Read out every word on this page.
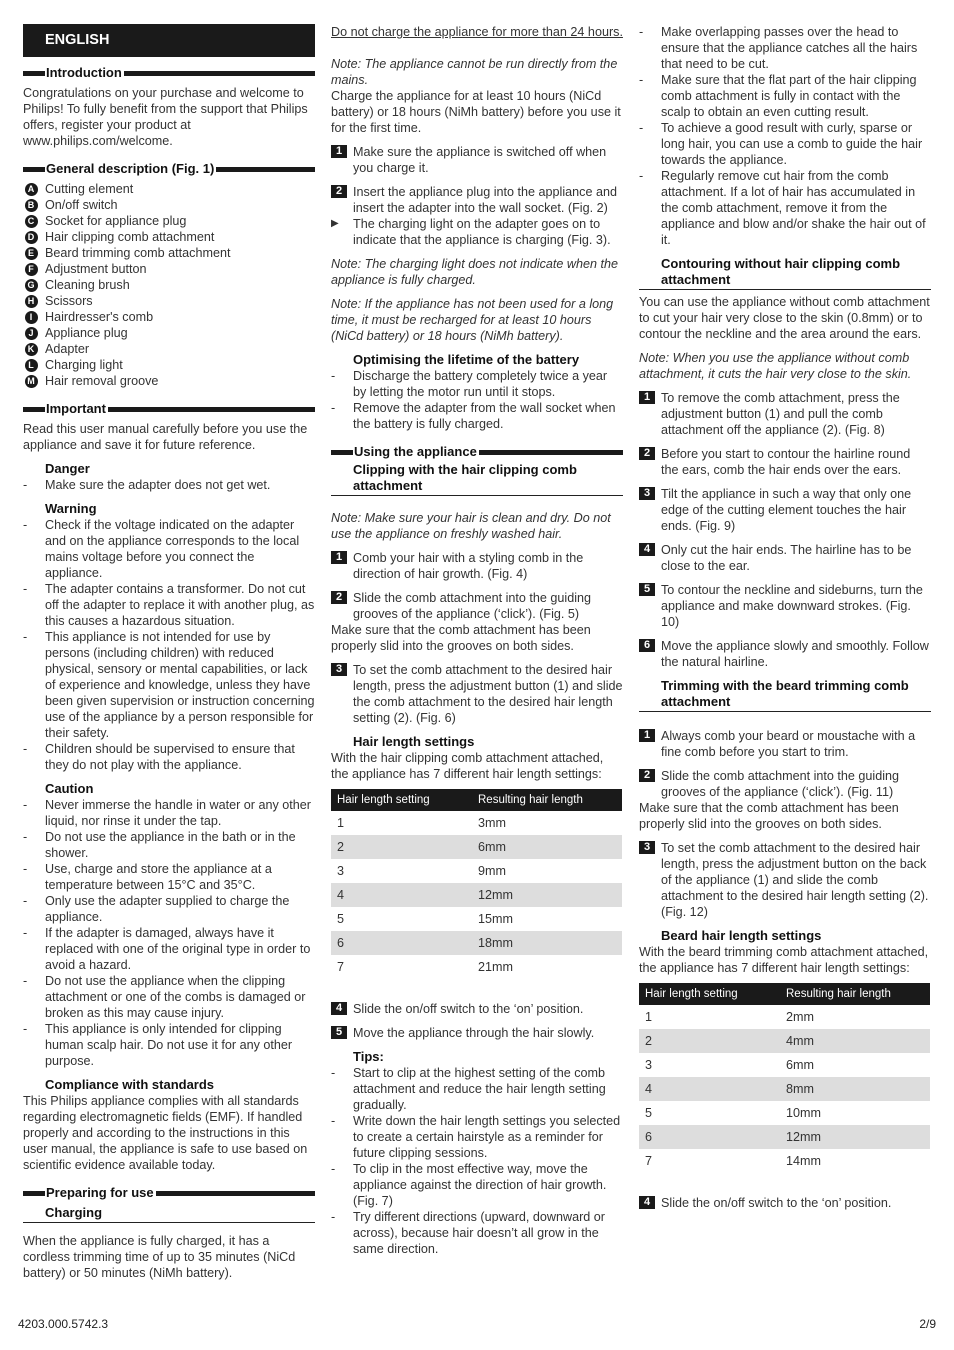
ENGLISH
Introduction

Congratulations on your purchase and welcome to Philips! To fully benefit from the support that Philips offers, register your product at www.philips.com/welcome.

General description (Fig. 1)
A Cutting element
B On/off switch
C Socket for appliance plug
D Hair clipping comb attachment
E Beard trimming comb attachment
F Adjustment button
G Cleaning brush
H Scissors
I	Hairdresser's comb
J Appliance plug
K Adapter
L Charging light
M Hair removal groove
Important

Read this user manual carefully before you use the appliance and save it for future reference.

Danger
-	Make sure the adapter does not get wet.
Warning
-	Check if the voltage indicated on the adapter and on the appliance corresponds to the local mains voltage before you connect the appliance.
-	The adapter contains a transformer. Do not cut off the adapter to replace it with another plug, as this causes a hazardous situation.
-	This appliance is not intended for use by persons (including children) with reduced physical, sensory or mental capabilities, or lack of experience and knowledge, unless they have been given supervision or instruction concerning use of the appliance by a person responsible for their safety.
-	Children should be supervised to ensure that they do not play with the appliance.
Caution
-	Never immerse the handle in water or any other liquid, nor rinse it under the tap.
-	Do not use the appliance in the bath or in the shower.
-	Use, charge and store the appliance at a temperature between 15°C and 35°C.
-	Only use the adapter supplied to charge the appliance.
-	If the adapter is damaged, always have it replaced with one of the original type in order to avoid a hazard.
-	Do not use the appliance when the clipping attachment or one of the combs is damaged or broken as this may cause injury.
-	This appliance is only intended for clipping human scalp hair. Do not use it for any other purpose.
Compliance with standards

This Philips appliance complies with all standards regarding electromagnetic fields (EMF). If handled properly and according to the instructions in this user manual, the appliance is safe to use based on scientific evidence available today.

Preparing for use
Charging

When the appliance is fully charged, it has a cordless trimming time of up to 35 minutes (NiCd battery) or 50 minutes (NiMh battery).

Do not charge the appliance for more than 24 hours.

Note: The appliance cannot be run directly from the mains.

Charge the appliance for at least 10 hours (NiCd battery) or 18 hours (NiMh battery) before you use it for the first time.

1 Make sure the appliance is switched off when you charge it.
2 Insert the appliance plug into the appliance and insert the adapter into the wall socket. (Fig. 2)
▶	The charging light on the adapter goes on to indicate that the appliance is charging (Fig. 3).

Note: The charging light does not indicate when the appliance is fully charged.

Note: If the appliance has not been used for a long time, it must be recharged for at least 10 hours (NiCd battery) or 18 hours (NiMh battery).

Optimising the lifetime of the battery
-	Discharge the battery completely twice a year by letting the motor run until it stops.
-	Remove the adapter from the wall socket when the battery is fully charged.
Using the appliance
Clipping with the hair clipping comb attachment

Note: Make sure your hair is clean and dry. Do not use the appliance on freshly washed hair.

1 Comb your hair with a styling comb in the direction of hair growth. (Fig. 4)
2 Slide the comb attachment into the guiding grooves of the appliance (‘click’). (Fig. 5)

Make sure that the comb attachment has been properly slid into the grooves on both sides.

3 To set the comb attachment to the desired hair length, press the adjustment button (1) and slide the comb attachment to the desired hair length setting (2). (Fig. 6)
Hair length settings

With the hair clipping comb attachment attached, the appliance has 7 different hair length settings:

Hair length setting	Resulting hair length
1	3mm
2	6mm
3	9mm
4	12mm
5	15mm
6	18mm
7	21mm
4 Slide the on/off switch to the ‘on’ position.
5 Move the appliance through the hair slowly.
Tips:
-	Start to clip at the highest setting of the comb attachment and reduce the hair length setting gradually.
-	Write down the hair length settings you selected to create a certain hairstyle as a reminder for future clipping sessions.
-	To clip in the most effective way, move the appliance against the direction of hair growth. (Fig. 7)
-	Try different directions (upward, downward or across), because hair doesn’t all grow in the same direction.
-	Make overlapping passes over the head to ensure that the appliance catches all the hairs that need to be cut.
-	Make sure that the flat part of the hair clipping comb attachment is fully in contact with the scalp to obtain an even cutting result.
-	To achieve a good result with curly, sparse or long hair, you can use a comb to guide the hair towards the appliance.
-	Regularly remove cut hair from the comb attachment. If a lot of hair has accumulated in the comb attachment, remove it from the appliance and blow and/or shake the hair out of it.
Contouring without hair clipping comb attachment

You can use the appliance without comb attachment to cut your hair very close to the skin (0.8mm) or to contour the neckline and the area around the ears.

Note: When you use the appliance without comb attachment, it cuts the hair very close to the skin.

1 To remove the comb attachment, press the adjustment button (1) and pull the comb attachment off the appliance (2). (Fig. 8)
2 Before you start to contour the hairline round the ears, comb the hair ends over the ears.
3 Tilt the appliance in such a way that only one edge of the cutting element touches the hair ends. (Fig. 9)
4 Only cut the hair ends. The hairline has to be close to the ear.
5 To contour the neckline and sideburns, turn the appliance and make downward strokes. (Fig. 10)
6 Move the appliance slowly and smoothly. Follow the natural hairline.
Trimming with the beard trimming comb attachment
1 Always comb your beard or moustache with a fine comb before you start to trim.
2 Slide the comb attachment into the guiding grooves of the appliance (‘click’). (Fig. 11)

Make sure that the comb attachment has been properly slid into the grooves on both sides.

3 To set the comb attachment to the desired hair length, press the adjustment button on the back of the appliance (1) and slide the comb attachment to the desired hair length setting (2). (Fig. 12)
Beard hair length settings

With the beard trimming comb attachment attached, the appliance has 7 different hair length settings:

Hair length setting	Resulting hair length
1	2mm
2	4mm
3	6mm
4	8mm
5	10mm
6	12mm
7	14mm
4 Slide the on/off switch to the ‘on’ position.
4203.000.5742.3	2/9
